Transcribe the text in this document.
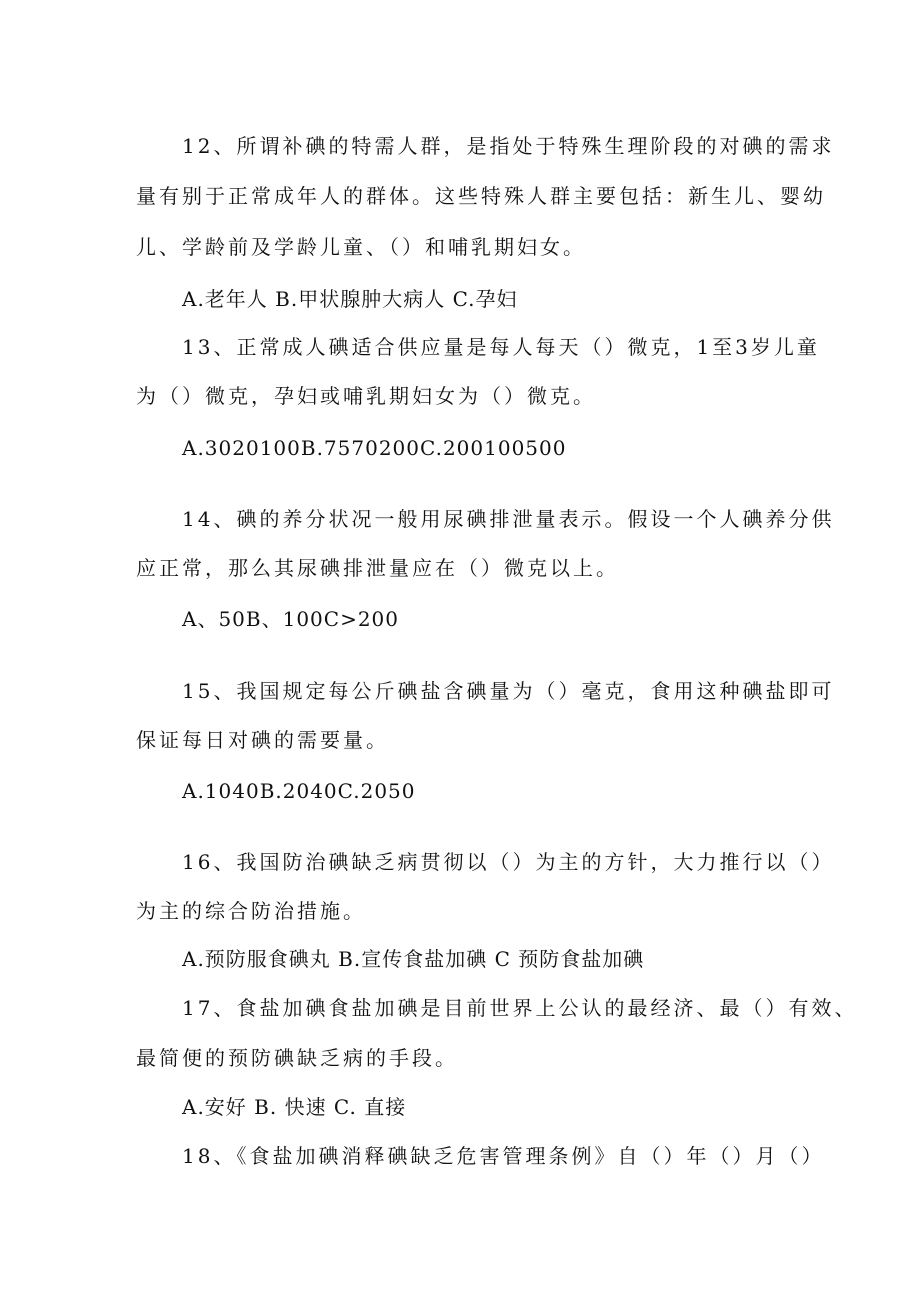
12、所谓补碘的特需人群，是指处于特殊生理阶段的对碘的需求
量有别于正常成年人的群体。这些特殊人群主要包括：新生儿、婴幼
儿、学龄前及学龄儿童、（）和哺乳期妇女。
A.老年人 B.甲状腺肿大病人 C.孕妇
13、正常成人碘适合供应量是每人每天（）微克，1至3岁儿童
为（）微克，孕妇或哺乳期妇女为（）微克。
A.3020100B.7570200C.200100500
14、碘的养分状况一般用尿碘排泄量表示。假设一个人碘养分供
应正常，那么其尿碘排泄量应在（）微克以上。
A、50B、100C>200
15、我国规定每公斤碘盐含碘量为（）毫克，食用这种碘盐即可
保证每日对碘的需要量。
A.1040B.2040C.2050
16、我国防治碘缺乏病贯彻以（）为主的方针，大力推行以（）
为主的综合防治措施。
A.预防服食碘丸 B.宣传食盐加碘 C 预防食盐加碘
17、食盐加碘食盐加碘是目前世界上公认的最经济、最（）有效、
最简便的预防碘缺乏病的手段。
A.安好 B. 快速 C. 直接
18、《食盐加碘消释碘缺乏危害管理条例》自（）年（）月（）
